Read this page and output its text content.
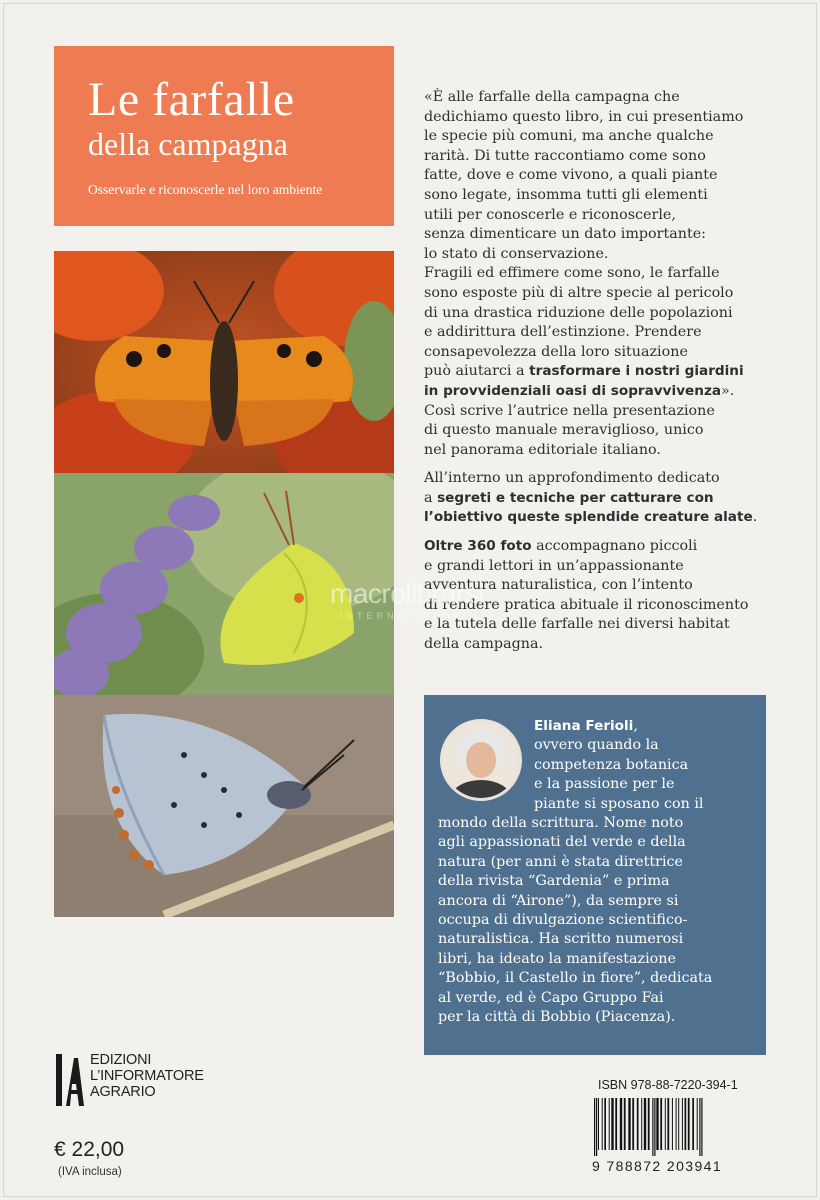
Le farfalle
della campagna
Osservarle e riconoscerle nel loro ambiente

«È alle farfalle della campagna che
dedichiamo questo libro, in cui presentiamo
le specie più comuni, ma anche qualche
rarità. Di tutte raccontiamo come sono
fatte, dove e come vivono, a quali piante
sono legate, insomma tutti gli elementi
utili per conoscerle e riconoscerle,
senza dimenticare un dato importante:
lo stato di conservazione.
Fragili ed effimere come sono, le farfalle
sono esposte più di altre specie al pericolo
di una drastica riduzione delle popolazioni
e addirittura dell’estinzione. Prendere
consapevolezza della loro situazione
può aiutarci a trasformare i nostri giardini
in provvidenziali oasi di sopravvivenza».
Così scrive l’autrice nella presentazione
di questo manuale meraviglioso, unico
nel panorama editoriale italiano.

All’interno un approfondimento dedicato
a segreti e tecniche per catturare con
l’obiettivo queste splendide creature alate.

Oltre 360 foto accompagnano piccoli
e grandi lettori in un’appassionante
avventura naturalistica, con l’intento
di rendere pratica abituale il riconoscimento
e la tutela delle farfalle nei diversi habitat
della campagna.

macrolibrarsi
INTERNATIONAL
Eliana Ferioli,
ovvero quando la
competenza botanica
e la passione per le
piante si sposano con il
mondo della scrittura. Nome noto
agli appassionati del verde e della
natura (per anni è stata direttrice
della rivista “Gardenia” e prima
ancora di “Airone”), da sempre si
occupa di divulgazione scientifico-
naturalistica. Ha scritto numerosi
libri, ha ideato la manifestazione
“Bobbio, il Castello in fiore”, dedicata
al verde, ed è Capo Gruppo Fai
per la città di Bobbio (Piacenza).
EDIZIONI
L’INFORMATORE
AGRARIO
€ 22,00
(IVA inclusa)
ISBN 978-88-7220-394-1
9 788872 203941
